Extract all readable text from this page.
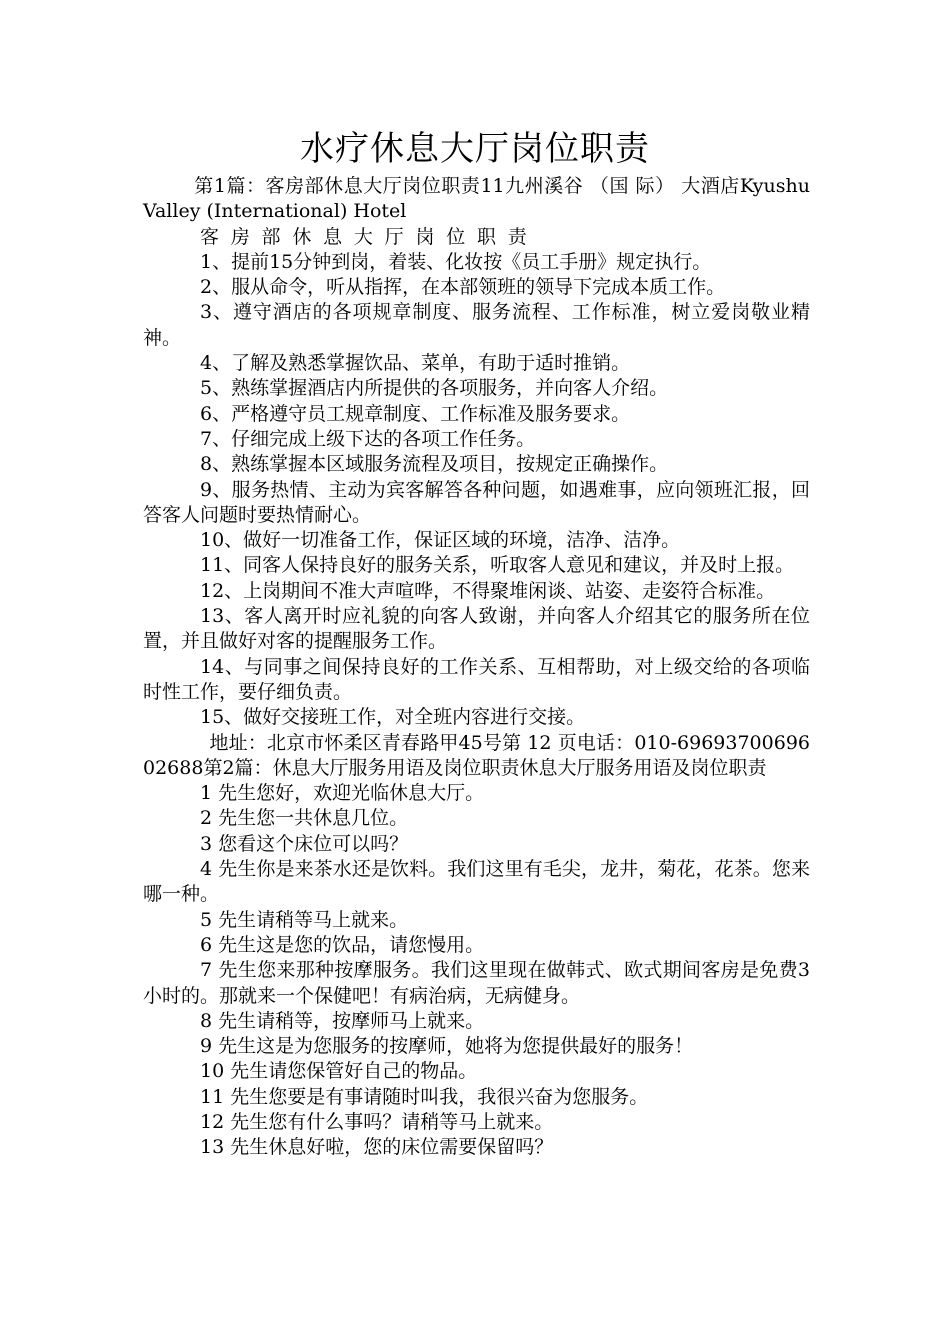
水疗休息大厅岗位职责

第1篇：客房部休息大厅岗位职责11九州溪谷 （国 际） 大酒店Kyushu Valley (International) Hotel

客房部休息大厅岗位职责

1、提前15分钟到岗，着装、化妆按《员工手册》规定执行。

2、服从命令，听从指挥，在本部领班的领导下完成本质工作。

3、遵守酒店的各项规章制度、服务流程、工作标准，树立爱岗敬业精神。

4、了解及熟悉掌握饮品、菜单，有助于适时推销。

5、熟练掌握酒店内所提供的各项服务，并向客人介绍。

6、严格遵守员工规章制度、工作标准及服务要求。

7、仔细完成上级下达的各项工作任务。

8、熟练掌握本区域服务流程及项目，按规定正确操作。

9、服务热情、主动为宾客解答各种问题，如遇难事，应向领班汇报，回答客人问题时要热情耐心。

10、做好一切准备工作，保证区域的环境，洁净、洁净。

11、同客人保持良好的服务关系，听取客人意见和建议，并及时上报。

12、上岗期间不准大声喧哗，不得聚堆闲谈、站姿、走姿符合标准。

13、客人离开时应礼貌的向客人致谢，并向客人介绍其它的服务所在位置，并且做好对客的提醒服务工作。

14、与同事之间保持良好的工作关系、互相帮助，对上级交给的各项临时性工作，要仔细负责。

15、做好交接班工作，对全班内容进行交接。

地址：北京市怀柔区青春路甲45号第 12 页电话：010-6969370069602688第2篇：休息大厅服务用语及岗位职责休息大厅服务用语及岗位职责

1 先生您好，欢迎光临休息大厅。

2 先生您一共休息几位。

3 您看这个床位可以吗？

4 先生你是来茶水还是饮料。我们这里有毛尖，龙井，菊花，花茶。您来哪一种。

5 先生请稍等马上就来。

6 先生这是您的饮品，请您慢用。

7 先生您来那种按摩服务。我们这里现在做韩式、欧式期间客房是免费3小时的。那就来一个保健吧！有病治病，无病健身。

8 先生请稍等，按摩师马上就来。

9 先生这是为您服务的按摩师，她将为您提供最好的服务！

10 先生请您保管好自己的物品。

11 先生您要是有事请随时叫我，我很兴奋为您服务。

12 先生您有什么事吗？请稍等马上就来。

13 先生休息好啦，您的床位需要保留吗？
